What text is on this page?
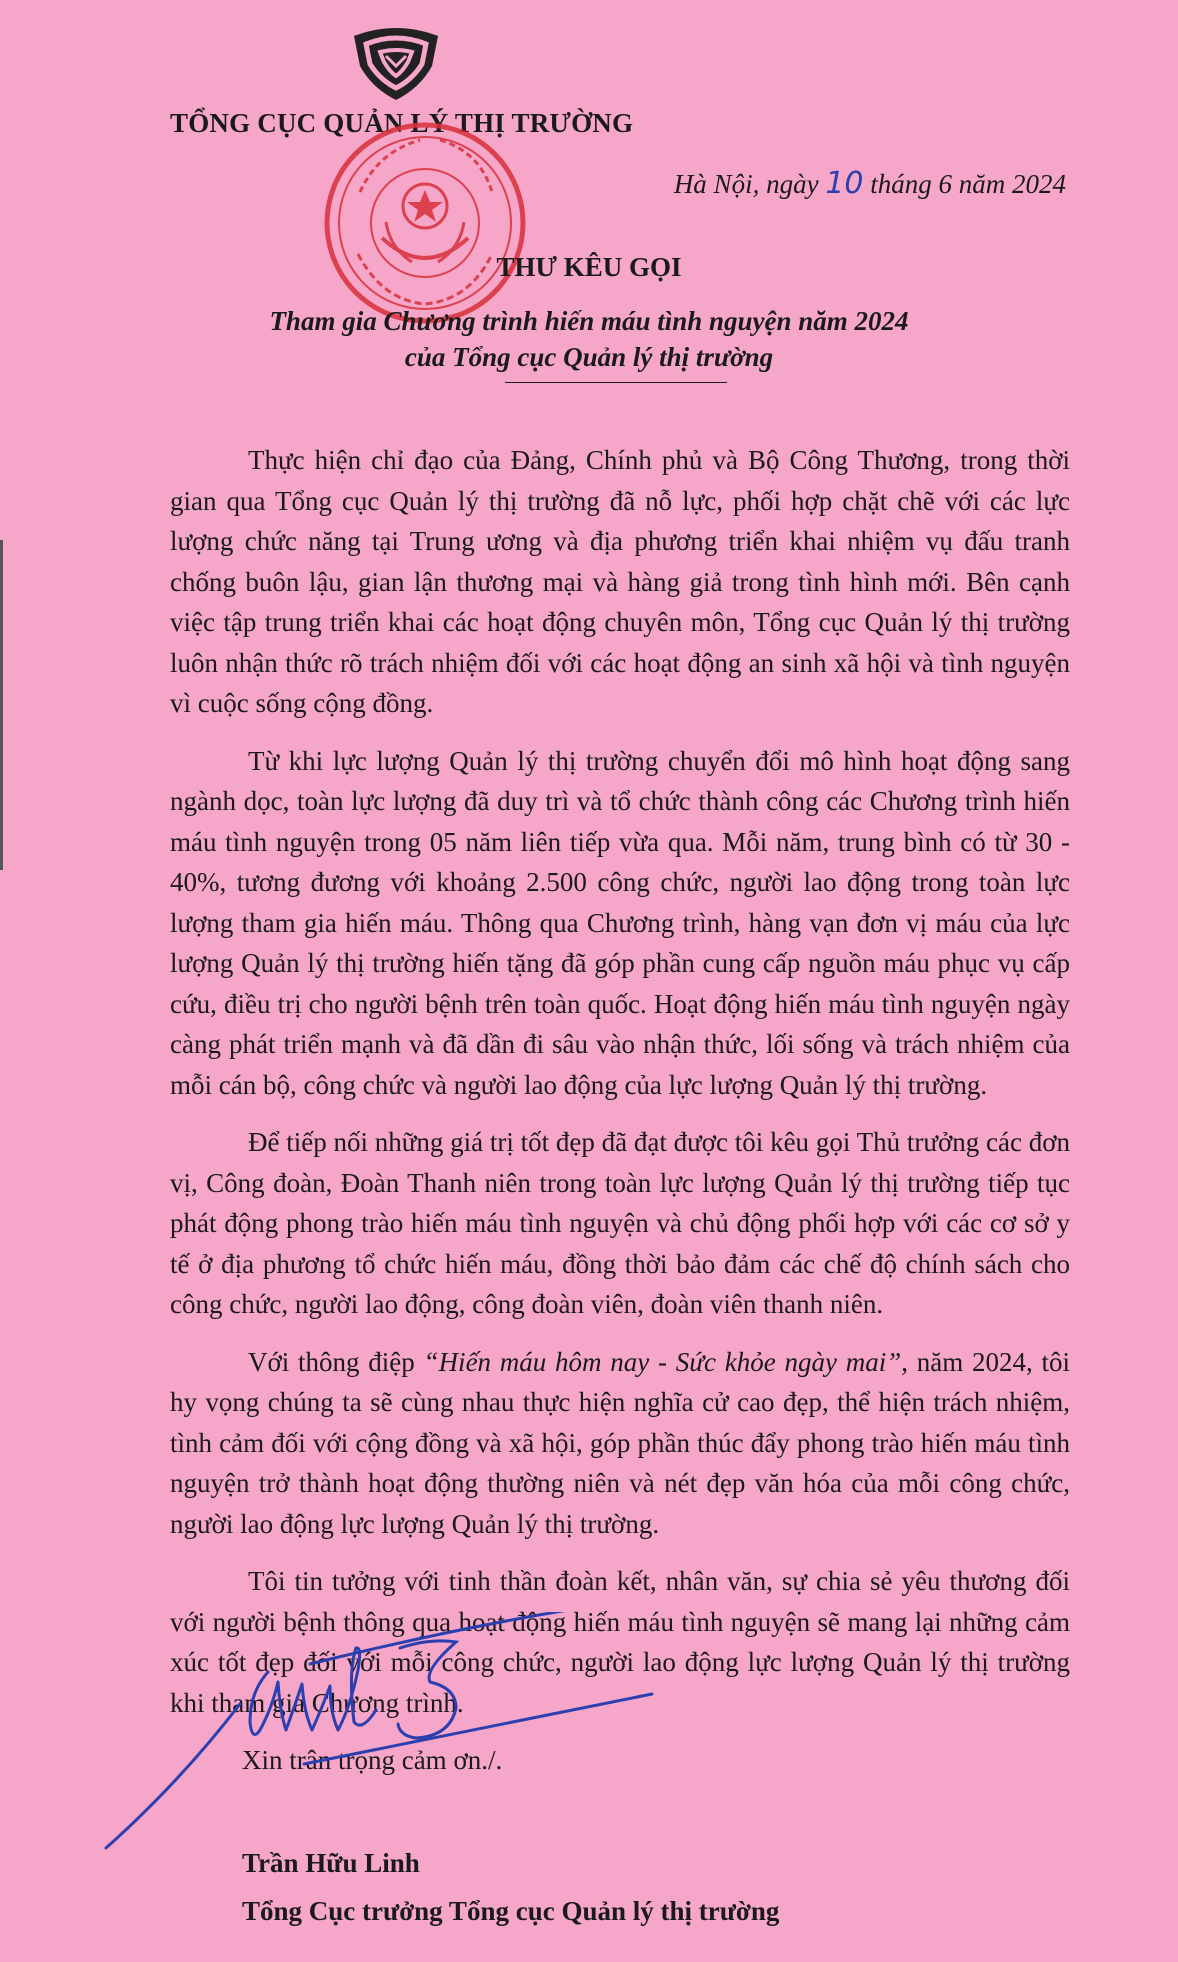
TỔNG CỤC QUẢN LÝ THỊ TRƯỜNG
Hà Nội, ngày 10 tháng 6 năm 2024
THƯ KÊU GỌI
Tham gia Chương trình hiến máu tình nguyện năm 2024
của Tổng cục Quản lý thị trường

Thực hiện chỉ đạo của Đảng, Chính phủ và Bộ Công Thương, trong thời gian qua Tổng cục Quản lý thị trường đã nỗ lực, phối hợp chặt chẽ với các lực lượng chức năng tại Trung ương và địa phương triển khai nhiệm vụ đấu tranh chống buôn lậu, gian lận thương mại và hàng giả trong tình hình mới. Bên cạnh việc tập trung triển khai các hoạt động chuyên môn, Tổng cục Quản lý thị trường luôn nhận thức rõ trách nhiệm đối với các hoạt động an sinh xã hội và tình nguyện vì cuộc sống cộng đồng.

Từ khi lực lượng Quản lý thị trường chuyển đổi mô hình hoạt động sang ngành dọc, toàn lực lượng đã duy trì và tổ chức thành công các Chương trình hiến máu tình nguyện trong 05 năm liên tiếp vừa qua. Mỗi năm, trung bình có từ 30 - 40%, tương đương với khoảng 2.500 công chức, người lao động trong toàn lực lượng tham gia hiến máu. Thông qua Chương trình, hàng vạn đơn vị máu của lực lượng Quản lý thị trường hiến tặng đã góp phần cung cấp nguồn máu phục vụ cấp cứu, điều trị cho người bệnh trên toàn quốc. Hoạt động hiến máu tình nguyện ngày càng phát triển mạnh và đã dần đi sâu vào nhận thức, lối sống và trách nhiệm của mỗi cán bộ, công chức và người lao động của lực lượng Quản lý thị trường.

Để tiếp nối những giá trị tốt đẹp đã đạt được tôi kêu gọi Thủ trưởng các đơn vị, Công đoàn, Đoàn Thanh niên trong toàn lực lượng Quản lý thị trường tiếp tục phát động phong trào hiến máu tình nguyện và chủ động phối hợp với các cơ sở y tế ở địa phương tổ chức hiến máu, đồng thời bảo đảm các chế độ chính sách cho công chức, người lao động, công đoàn viên, đoàn viên thanh niên.

Với thông điệp “Hiến máu hôm nay - Sức khỏe ngày mai”, năm 2024, tôi hy vọng chúng ta sẽ cùng nhau thực hiện nghĩa cử cao đẹp, thể hiện trách nhiệm, tình cảm đối với cộng đồng và xã hội, góp phần thúc đẩy phong trào hiến máu tình nguyện trở thành hoạt động thường niên và nét đẹp văn hóa của mỗi công chức, người lao động lực lượng Quản lý thị trường.

Tôi tin tưởng với tinh thần đoàn kết, nhân văn, sự chia sẻ yêu thương đối với người bệnh thông qua hoạt động hiến máu tình nguyện sẽ mang lại những cảm xúc tốt đẹp đối với mỗi công chức, người lao động lực lượng Quản lý thị trường khi tham gia Chương trình.

Xin trân trọng cảm ơn./.

Trần Hữu Linh
Tổng Cục trưởng Tổng cục Quản lý thị trường
